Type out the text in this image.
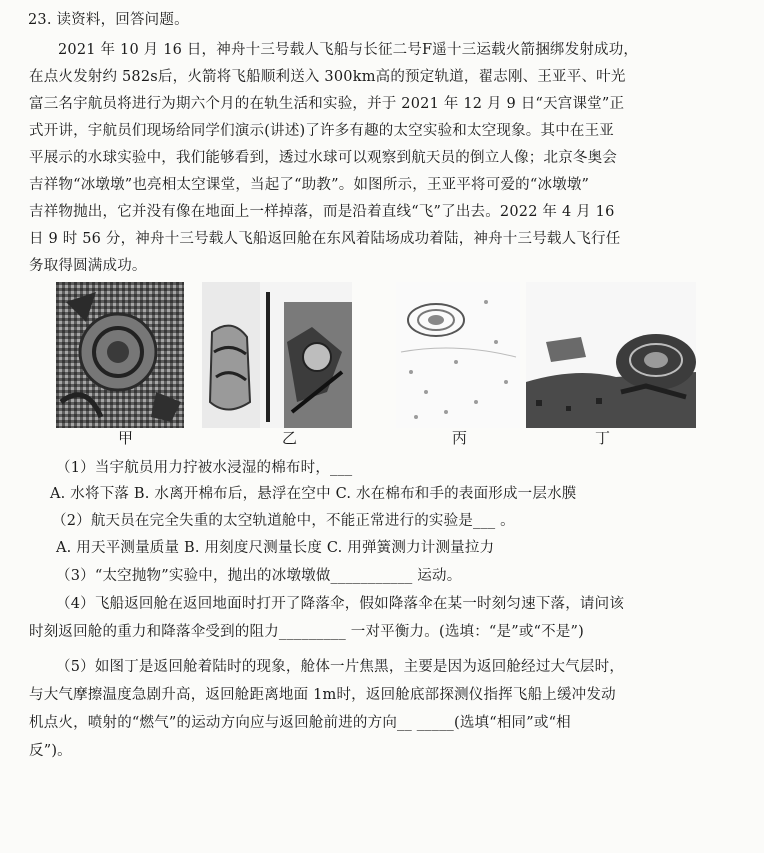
23. 读资料，回答问题。
2021 年 10 月 16 日，神舟十三号载人飞船与长征二号F遥十三运载火箭捆绑发射成功，
在点火发射约 582s后，火箭将飞船顺利送入 300km高的预定轨道，翟志刚、王亚平、叶光
富三名宇航员将进行为期六个月的在轨生活和实验，并于 2021 年 12 月 9 日“天宫课堂”正
式开讲，宇航员们现场给同学们演示(讲述)了许多有趣的太空实验和太空现象。其中在王亚
平展示的水球实验中，我们能够看到，透过水球可以观察到航天员的倒立人像；北京冬奥会
吉祥物“冰墩墩”也亮相太空课堂，当起了“助教”。如图所示，王亚平将可爱的“冰墩墩”
吉祥物抛出，它并没有像在地面上一样掉落，而是沿着直线“飞”了出去。2022 年 4 月 16
日 9 时 56 分，神舟十三号载人飞船返回舱在东风着陆场成功着陆，神舟十三号载人飞行任
务取得圆满成功。
甲	乙	丙	丁
（1）当宇航员用力拧被水浸湿的棉布时，___
A. 水将下落 B. 水离开棉布后，悬浮在空中 C. 水在棉布和手的表面形成一层水膜
（2）航天员在完全失重的太空轨道舱中，不能正常进行的实验是___ 。
A. 用天平测量质量 B. 用刻度尺测量长度 C. 用弹簧测力计测量拉力
（3）“太空抛物”实验中，抛出的冰墩墩做___________ 运动。
（4）飞船返回舱在返回地面时打开了降落伞，假如降落伞在某一时刻匀速下落，请问该
时刻返回舱的重力和降落伞受到的阻力_________ 一对平衡力。(选填：“是”或“不是”)
（5）如图丁是返回舱着陆时的现象，舱体一片焦黑，主要是因为返回舱经过大气层时，
与大气摩擦温度急剧升高，返回舱距离地面 1m时，返回舱底部探测仪指挥飞船上缓冲发动
机点火，喷射的“燃气”的运动方向应与返回舱前进的方向__ _____(选填“相同”或“相
反”)。
